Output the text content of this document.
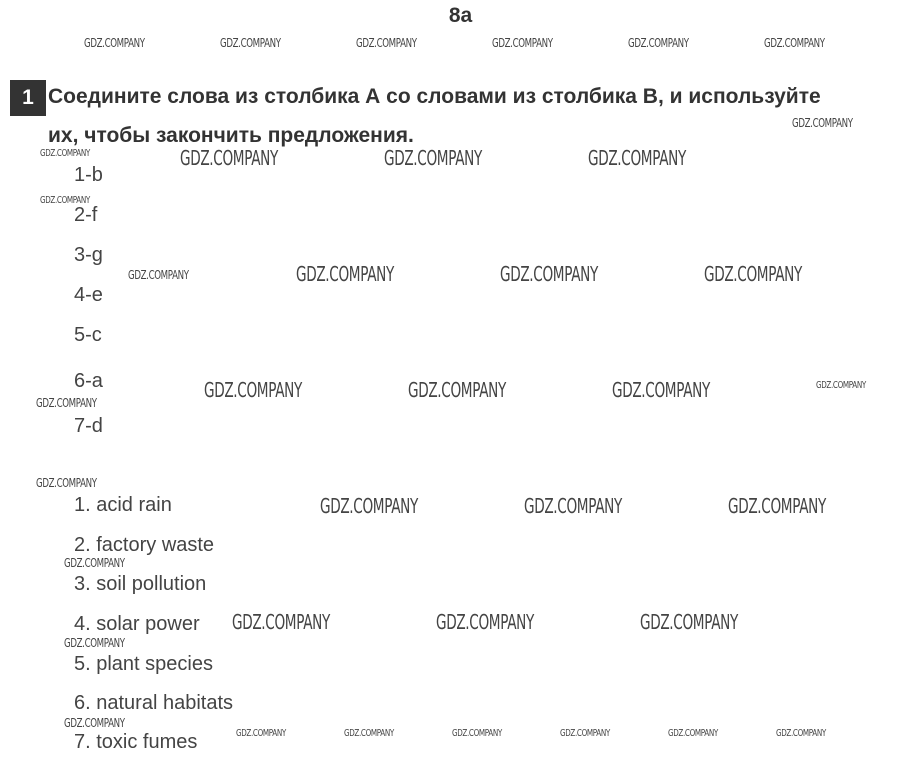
8a
1 Соедините слова из столбика А со словами из столбика В, и используйте
их, чтобы закончить предложения.
1-b
2-f
3-g
4-e
5-c
6-a
7-d
1. acid rain
2. factory waste
3. soil pollution
4. solar power
5. plant species
6. natural habitats
7. toxic fumes
GDZ.COMPANY	GDZ.COMPANY	GDZ.COMPANY	GDZ.COMPANY	GDZ.COMPANY	GDZ.COMPANY
GDZ.COMPANY
GDZ.COMPANY	GDZ.COMPANY	GDZ.COMPANY	GDZ.COMPANY
GDZ.COMPANY
GDZ.COMPANY	GDZ.COMPANY	GDZ.COMPANY	GDZ.COMPANY
GDZ.COMPANY	GDZ.COMPANY	GDZ.COMPANY	GDZ.COMPANY
GDZ.COMPANY
GDZ.COMPANY
GDZ.COMPANY	GDZ.COMPANY	GDZ.COMPANY
GDZ.COMPANY
GDZ.COMPANY	GDZ.COMPANY	GDZ.COMPANY
GDZ.COMPANY
GDZ.COMPANY
GDZ.COMPANY	GDZ.COMPANY	GDZ.COMPANY	GDZ.COMPANY	GDZ.COMPANY	GDZ.COMPANY
